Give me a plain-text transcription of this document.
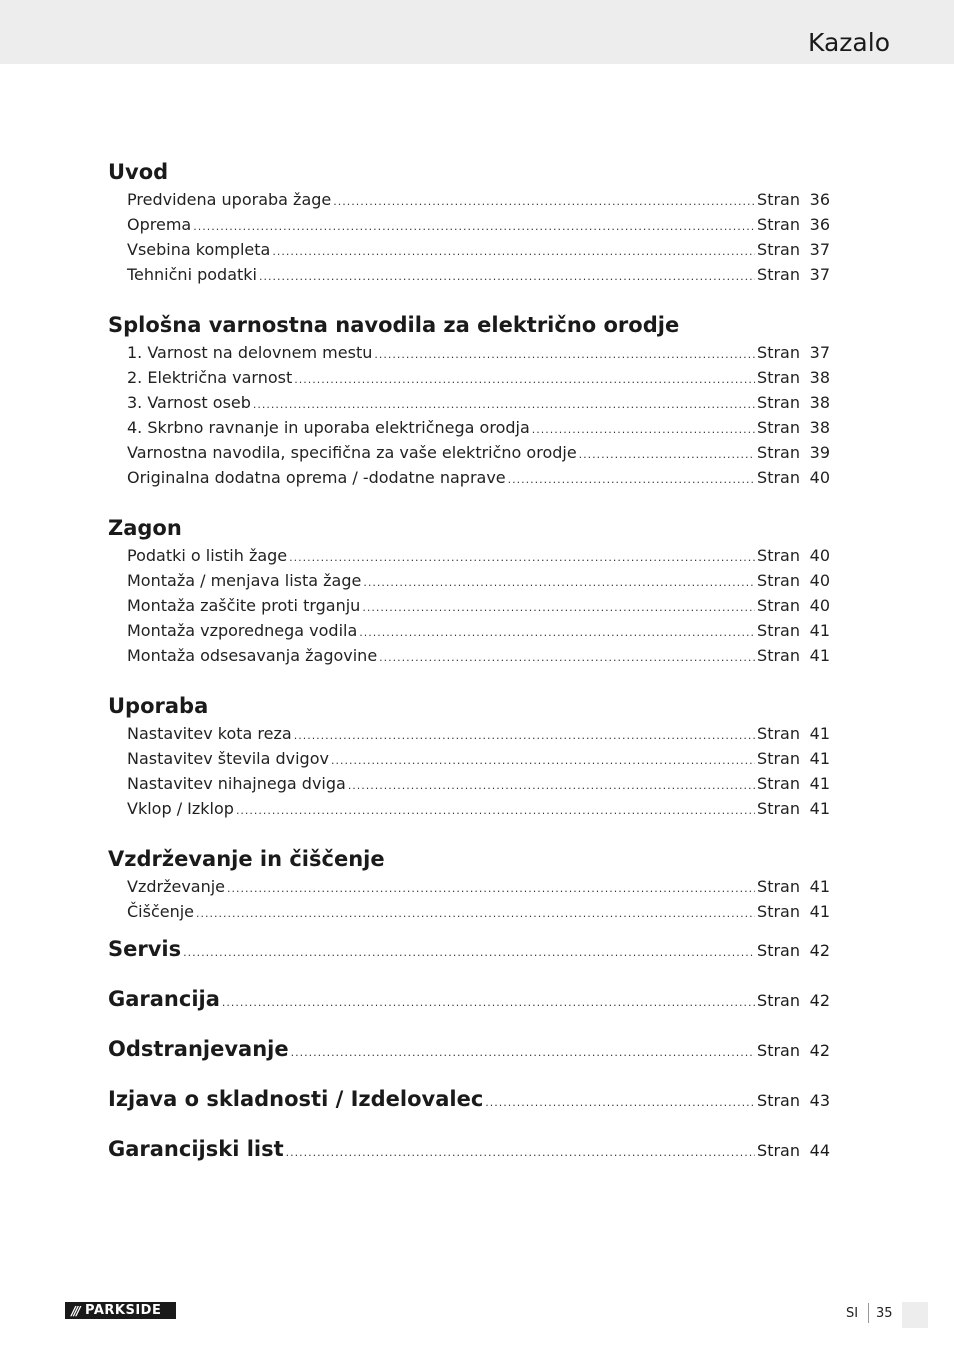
Kazalo
Uvod
Predvidena uporaba žage .....	Stran 36
Oprema .....	Stran 36
Vsebina kompleta .....	Stran 37
Tehnični podatki .....	Stran 37
Splošna varnostna navodila za električno orodje
1. Varnost na delovnem mestu .....	Stran 37
2. Električna varnost .....	Stran 38
3. Varnost oseb .....	Stran 38
4. Skrbno ravnanje in uporaba električnega orodja .....	Stran 38
Varnostna navodila, specifična za vaše električno orodje .....	Stran 39
Originalna dodatna oprema / -dodatne naprave .....	Stran 40
Zagon
Podatki o listih žage .....	Stran 40
Montaža / menjava lista žage .....	Stran 40
Montaža zaščite proti trganju .....	Stran 40
Montaža vzporednega vodila .....	Stran 41
Montaža odsesavanja žagovine .....	Stran 41
Uporaba
Nastavitev kota reza .....	Stran 41
Nastavitev števila dvigov .....	Stran 41
Nastavitev nihajnega dviga .....	Stran 41
Vklop / Izklop .....	Stran 41
Vzdrževanje in čiščenje
Vzdrževanje .....	Stran 41
Čiščenje .....	Stran 41
Servis .....	Stran 42
Garancija .....	Stran 42
Odstranjevanje .....	Stran 42
Izjava o skladnosti / Izdelovalec .....	Stran 43
Garancijski list .....	Stran 44
/// PARKSIDE	SI 35
